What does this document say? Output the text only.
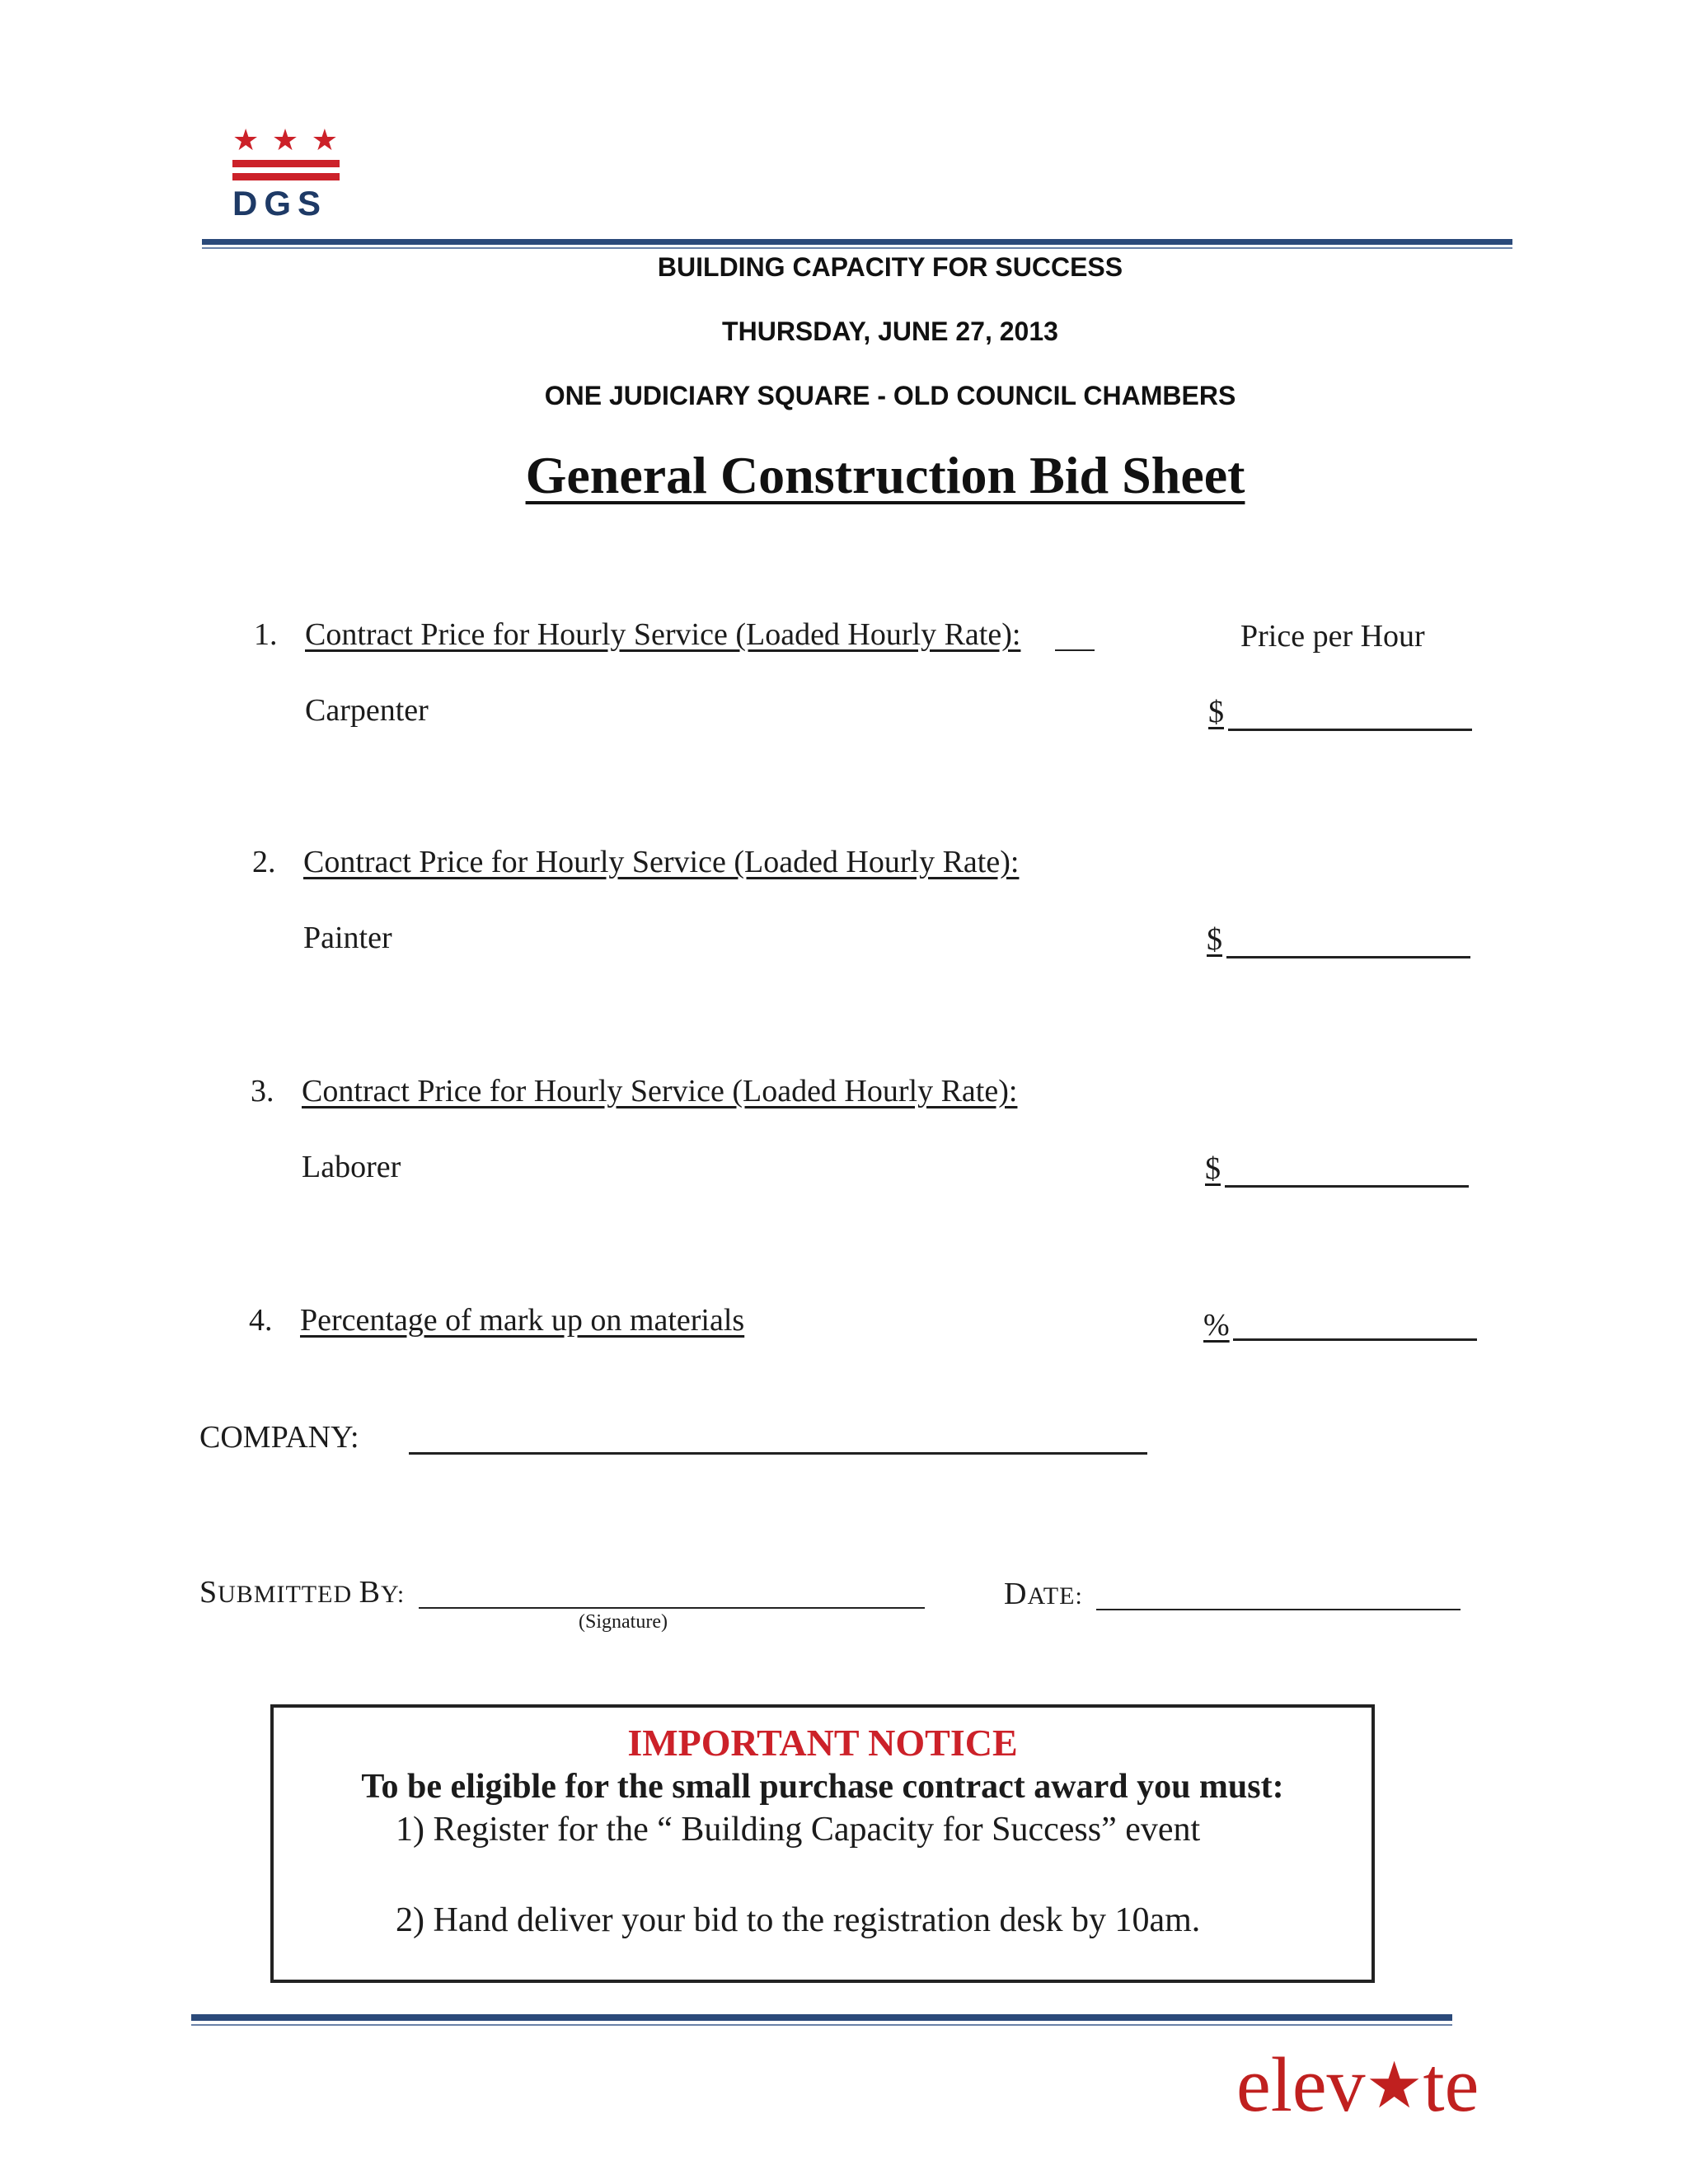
★ ★ ★
DGS
BUILDING CAPACITY FOR SUCCESS
THURSDAY, JUNE 27, 2013
ONE JUDICIARY SQUARE - OLD COUNCIL CHAMBERS
General Construction Bid Sheet
Price per Hour
1. Contract Price for Hourly Service (Loaded Hourly Rate):
Carpenter	$
2. Contract Price for Hourly Service (Loaded Hourly Rate):
Painter	$
3. Contract Price for Hourly Service (Loaded Hourly Rate):
Laborer	$
4. Percentage of mark up on materials	%
COMPANY:
SUBMITTED BY:
(Signature)
DATE:
IMPORTANT NOTICE
To be eligible for the small purchase contract award you must:
1) Register for the “ Building Capacity for Success” event
2) Hand deliver your bid to the registration desk by 10am.
elev★te
